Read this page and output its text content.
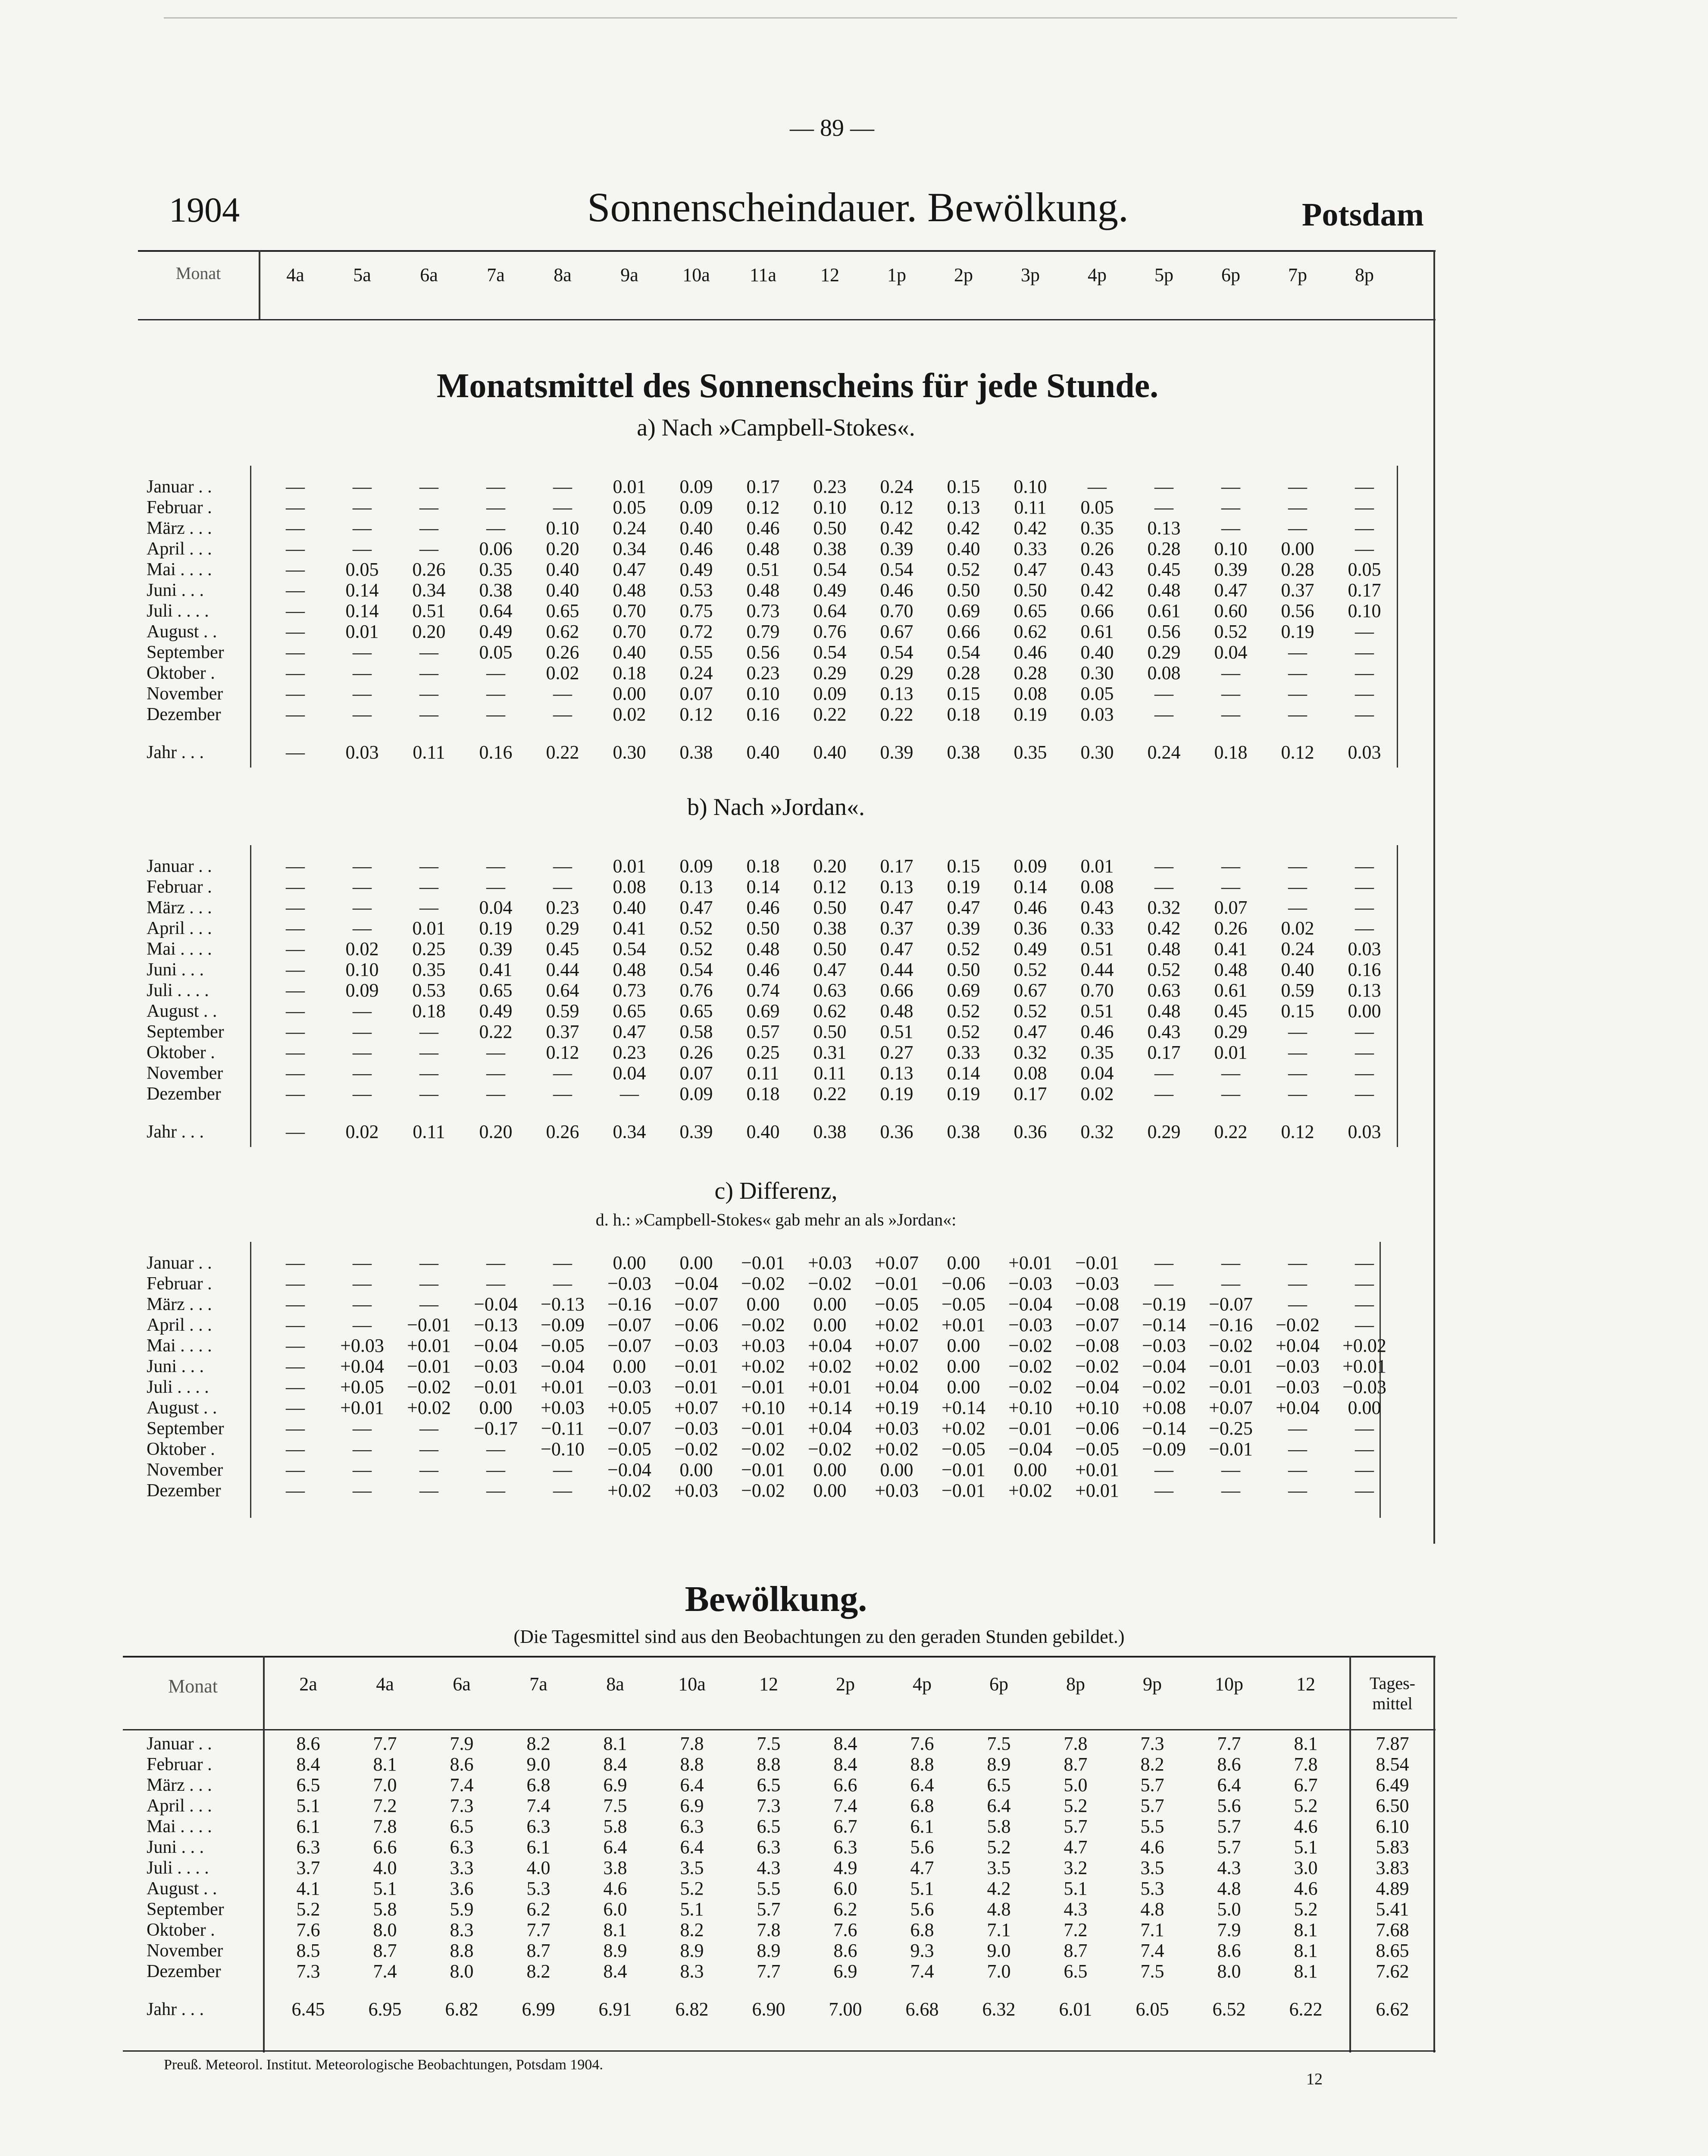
— 89 —
1904	Sonnenscheindauer. Bewölkung.	Potsdam
Monat	4a	5a	6a	7a	8a	9a	10a	11a	12	1p	2p	3p	4p	5p	6p	7p	8p
Monatsmittel des Sonnenscheins für jede Stunde.
a) Nach »Campbell-Stokes«.
b) Nach »Jordan«.
c) Differenz,
d. h.: »Campbell-Stokes« gab mehr an als »Jordan«:
Januar . .	—	—	—	—	—	0.01	0.09	0.17	0.23	0.24	0.15	0.10	—	—	—	—	—
Februar .	—	—	—	—	—	0.05	0.09	0.12	0.10	0.12	0.13	0.11	0.05	—	—	—	—
März . . .	—	—	—	—	0.10	0.24	0.40	0.46	0.50	0.42	0.42	0.42	0.35	0.13	—	—	—
April . . .	—	—	—	0.06	0.20	0.34	0.46	0.48	0.38	0.39	0.40	0.33	0.26	0.28	0.10	0.00	—
Mai . . . .	—	0.05	0.26	0.35	0.40	0.47	0.49	0.51	0.54	0.54	0.52	0.47	0.43	0.45	0.39	0.28	0.05
Juni . . .	—	0.14	0.34	0.38	0.40	0.48	0.53	0.48	0.49	0.46	0.50	0.50	0.42	0.48	0.47	0.37	0.17
Juli . . . .	—	0.14	0.51	0.64	0.65	0.70	0.75	0.73	0.64	0.70	0.69	0.65	0.66	0.61	0.60	0.56	0.10
August . .	—	0.01	0.20	0.49	0.62	0.70	0.72	0.79	0.76	0.67	0.66	0.62	0.61	0.56	0.52	0.19	—
September	—	—	—	0.05	0.26	0.40	0.55	0.56	0.54	0.54	0.54	0.46	0.40	0.29	0.04	—	—
Oktober .	—	—	—	—	0.02	0.18	0.24	0.23	0.29	0.29	0.28	0.28	0.30	0.08	—	—	—
November	—	—	—	—	—	0.00	0.07	0.10	0.09	0.13	0.15	0.08	0.05	—	—	—	—
Dezember	—	—	—	—	—	0.02	0.12	0.16	0.22	0.22	0.18	0.19	0.03	—	—	—	—
Jahr . . .	—	0.03	0.11	0.16	0.22	0.30	0.38	0.40	0.40	0.39	0.38	0.35	0.30	0.24	0.18	0.12	0.03
Januar . .	—	—	—	—	—	0.01	0.09	0.18	0.20	0.17	0.15	0.09	0.01	—	—	—	—
Februar .	—	—	—	—	—	0.08	0.13	0.14	0.12	0.13	0.19	0.14	0.08	—	—	—	—
März . . .	—	—	—	0.04	0.23	0.40	0.47	0.46	0.50	0.47	0.47	0.46	0.43	0.32	0.07	—	—
April . . .	—	—	0.01	0.19	0.29	0.41	0.52	0.50	0.38	0.37	0.39	0.36	0.33	0.42	0.26	0.02	—
Mai . . . .	—	0.02	0.25	0.39	0.45	0.54	0.52	0.48	0.50	0.47	0.52	0.49	0.51	0.48	0.41	0.24	0.03
Juni . . .	—	0.10	0.35	0.41	0.44	0.48	0.54	0.46	0.47	0.44	0.50	0.52	0.44	0.52	0.48	0.40	0.16
Juli . . . .	—	0.09	0.53	0.65	0.64	0.73	0.76	0.74	0.63	0.66	0.69	0.67	0.70	0.63	0.61	0.59	0.13
August . .	—	—	0.18	0.49	0.59	0.65	0.65	0.69	0.62	0.48	0.52	0.52	0.51	0.48	0.45	0.15	0.00
September	—	—	—	0.22	0.37	0.47	0.58	0.57	0.50	0.51	0.52	0.47	0.46	0.43	0.29	—	—
Oktober .	—	—	—	—	0.12	0.23	0.26	0.25	0.31	0.27	0.33	0.32	0.35	0.17	0.01	—	—
November	—	—	—	—	—	0.04	0.07	0.11	0.11	0.13	0.14	0.08	0.04	—	—	—	—
Dezember	—	—	—	—	—	—	0.09	0.18	0.22	0.19	0.19	0.17	0.02	—	—	—	—
Jahr . . .	—	0.02	0.11	0.20	0.26	0.34	0.39	0.40	0.38	0.36	0.38	0.36	0.32	0.29	0.22	0.12	0.03
Januar . .	—	—	—	—	—	0.00	0.00	−0.01	+0.03	+0.07	0.00	+0.01	−0.01	—	—	—	—
Februar .	—	—	—	—	—	−0.03	−0.04	−0.02	−0.02	−0.01	−0.06	−0.03	−0.03	—	—	—	—
März . . .	—	—	—	−0.04	−0.13	−0.16	−0.07	0.00	0.00	−0.05	−0.05	−0.04	−0.08	−0.19	−0.07	—	—
April . . .	—	—	−0.01	−0.13	−0.09	−0.07	−0.06	−0.02	0.00	+0.02	+0.01	−0.03	−0.07	−0.14	−0.16	−0.02	—
Mai . . . .	—	+0.03	+0.01	−0.04	−0.05	−0.07	−0.03	+0.03	+0.04	+0.07	0.00	−0.02	−0.08	−0.03	−0.02	+0.04	+0.02
Juni . . .	—	+0.04	−0.01	−0.03	−0.04	0.00	−0.01	+0.02	+0.02	+0.02	0.00	−0.02	−0.02	−0.04	−0.01	−0.03	+0.01
Juli . . . .	—	+0.05	−0.02	−0.01	+0.01	−0.03	−0.01	−0.01	+0.01	+0.04	0.00	−0.02	−0.04	−0.02	−0.01	−0.03	−0.03
August . .	—	+0.01	+0.02	0.00	+0.03	+0.05	+0.07	+0.10	+0.14	+0.19	+0.14	+0.10	+0.10	+0.08	+0.07	+0.04	0.00
September	—	—	—	−0.17	−0.11	−0.07	−0.03	−0.01	+0.04	+0.03	+0.02	−0.01	−0.06	−0.14	−0.25	—	—
Oktober .	—	—	—	—	−0.10	−0.05	−0.02	−0.02	−0.02	+0.02	−0.05	−0.04	−0.05	−0.09	−0.01	—	—
November	—	—	—	—	—	−0.04	0.00	−0.01	0.00	0.00	−0.01	0.00	+0.01	—	—	—	—
Dezember	—	—	—	—	—	+0.02	+0.03	−0.02	0.00	+0.03	−0.01	+0.02	+0.01	—	—	—	—
Bewölkung.
(Die Tagesmittel sind aus den Beobachtungen zu den geraden Stunden gebildet.)
Monat	2a	4a	6a	7a	8a	10a	12	2p	4p	6p	8p	9p	10p	12	Tages-mittel
Januar . .	8.6	7.7	7.9	8.2	8.1	7.8	7.5	8.4	7.6	7.5	7.8	7.3	7.7	8.1	7.87
Februar .	8.4	8.1	8.6	9.0	8.4	8.8	8.8	8.4	8.8	8.9	8.7	8.2	8.6	7.8	8.54
März . . .	6.5	7.0	7.4	6.8	6.9	6.4	6.5	6.6	6.4	6.5	5.0	5.7	6.4	6.7	6.49
April . . .	5.1	7.2	7.3	7.4	7.5	6.9	7.3	7.4	6.8	6.4	5.2	5.7	5.6	5.2	6.50
Mai . . . .	6.1	7.8	6.5	6.3	5.8	6.3	6.5	6.7	6.1	5.8	5.7	5.5	5.7	4.6	6.10
Juni . . .	6.3	6.6	6.3	6.1	6.4	6.4	6.3	6.3	5.6	5.2	4.7	4.6	5.7	5.1	5.83
Juli . . . .	3.7	4.0	3.3	4.0	3.8	3.5	4.3	4.9	4.7	3.5	3.2	3.5	4.3	3.0	3.83
August . .	4.1	5.1	3.6	5.3	4.6	5.2	5.5	6.0	5.1	4.2	5.1	5.3	4.8	4.6	4.89
September	5.2	5.8	5.9	6.2	6.0	5.1	5.7	6.2	5.6	4.8	4.3	4.8	5.0	5.2	5.41
Oktober .	7.6	8.0	8.3	7.7	8.1	8.2	7.8	7.6	6.8	7.1	7.2	7.1	7.9	8.1	7.68
November	8.5	8.7	8.8	8.7	8.9	8.9	8.9	8.6	9.3	9.0	8.7	7.4	8.6	8.1	8.65
Dezember	7.3	7.4	8.0	8.2	8.4	8.3	7.7	6.9	7.4	7.0	6.5	7.5	8.0	8.1	7.62
Jahr . . .	6.45	6.95	6.82	6.99	6.91	6.82	6.90	7.00	6.68	6.32	6.01	6.05	6.52	6.22	6.62
Preuß. Meteorol. Institut. Meteorologische Beobachtungen, Potsdam 1904.
12
